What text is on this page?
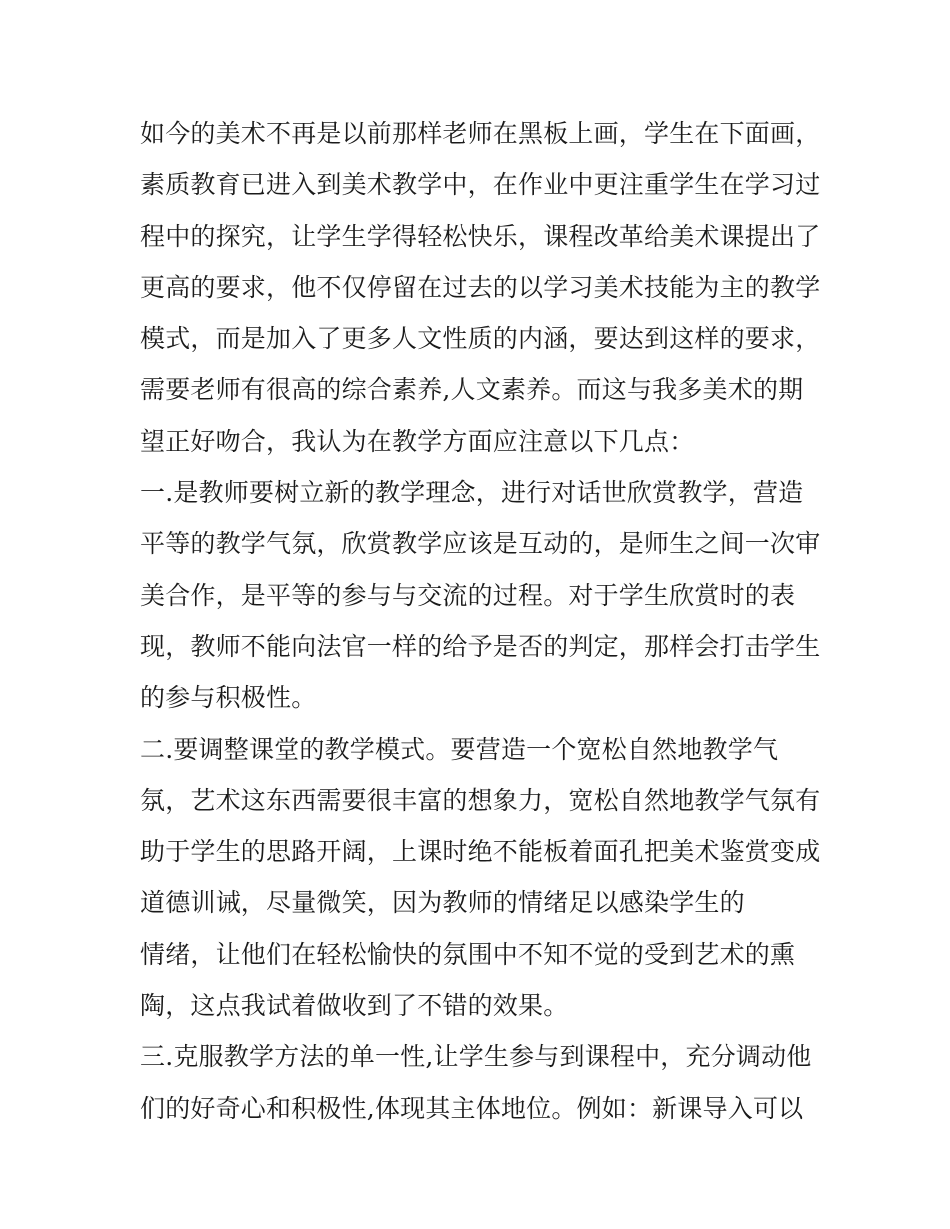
如今的美术不再是以前那样老师在黑板上画，学生在下面画，
素质教育已进入到美术教学中，在作业中更注重学生在学习过
程中的探究，让学生学得轻松快乐，课程改革给美术课提出了
更高的要求，他不仅停留在过去的以学习美术技能为主的教学
模式，而是加入了更多人文性质的内涵，要达到这样的要求，
需要老师有很高的综合素养,人文素养。而这与我多美术的期
望正好吻合，我认为在教学方面应注意以下几点：
一.是教师要树立新的教学理念，进行对话世欣赏教学，营造
平等的教学气氛，欣赏教学应该是互动的，是师生之间一次审
美合作，是平等的参与与交流的过程。对于学生欣赏时的表
现，教师不能向法官一样的给予是否的判定，那样会打击学生
的参与积极性。
二.要调整课堂的教学模式。要营造一个宽松自然地教学气
氛，艺术这东西需要很丰富的想象力，宽松自然地教学气氛有
助于学生的思路开阔，上课时绝不能板着面孔把美术鉴赏变成
道德训诫，尽量微笑，因为教师的情绪足以感染学生的
情绪，让他们在轻松愉快的氛围中不知不觉的受到艺术的熏
陶，这点我试着做收到了不错的效果。
三.克服教学方法的单一性,让学生参与到课程中，充分调动他
们的好奇心和积极性,体现其主体地位。例如：新课导入可以
